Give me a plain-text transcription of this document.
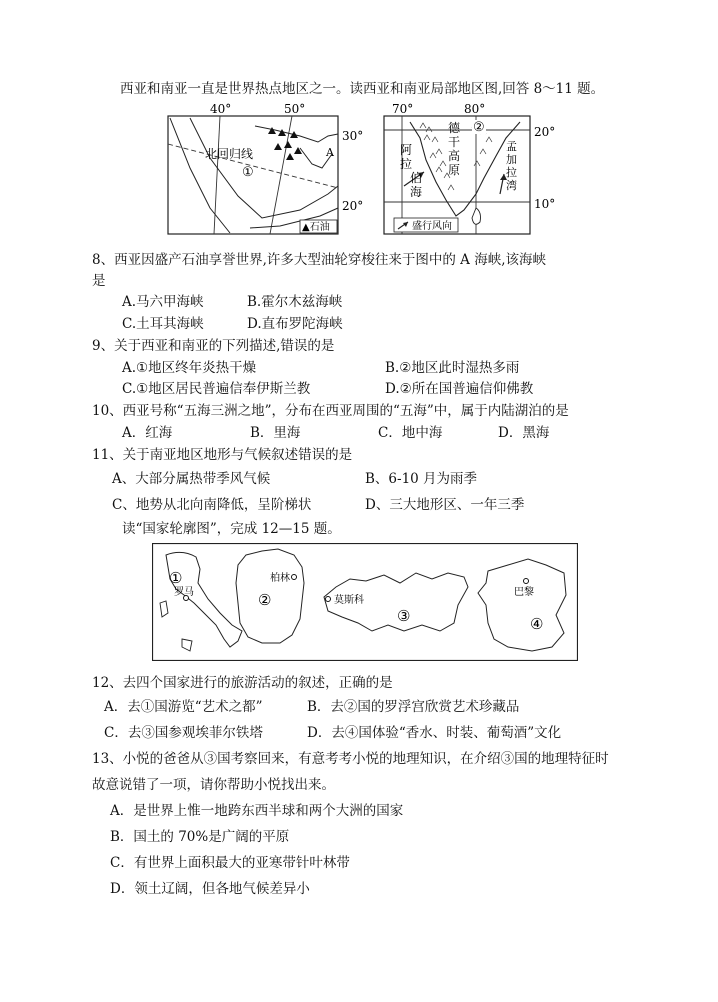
西亚和南亚一直是世界热点地区之一。读西亚和南亚局部地区图,回答 8～11 题。
40°	50°
30°
20°
北回归线
①
A
▲石油
70°	80°
20°
10°
②
德
干
高
原
阿
拉
伯
海
孟
加
拉
湾
盛行风向
8、西亚因盛产石油享誉世界,许多大型油轮穿梭往来于图中的 A 海峡,该海峡
是
A.马六甲海峡	B.霍尔木兹海峡
C.土耳其海峡	D.直布罗陀海峡
9、关于西亚和南亚的下列描述,错误的是
A.①地区终年炎热干燥	B.②地区此时湿热多雨
C.①地区居民普遍信奉伊斯兰教	D.②所在国普遍信仰佛教
10、西亚号称“五海三洲之地”，分布在西亚周围的“五海”中，属于内陆湖泊的是
A．红海	B．里海	C．地中海	D．黑海
11、关于南亚地区地形与气候叙述错误的是
A、大部分属热带季风气候	B、6-10 月为雨季
C、地势从北向南降低，呈阶梯状	D、三大地形区、一年三季
读“国家轮廓图”，完成 12—15 题。
①
罗马	②
柏林
③
莫斯科
④
巴黎
12、去四个国家进行的旅游活动的叙述，正确的是
A．去①国游览“艺术之都”	B．去②国的罗浮宫欣赏艺术珍藏品
C．去③国参观埃菲尔铁塔	D．去④国体验“香水、时装、葡萄酒”文化
13、小悦的爸爸从③国考察回来，有意考考小悦的地理知识，在介绍③国的地理特征时
故意说错了一项，请你帮助小悦找出来。
A．是世界上惟一地跨东西半球和两个大洲的国家
B．国土的 70%是广阔的平原
C．有世界上面积最大的亚寒带针叶林带
D．领土辽阔，但各地气候差异小
